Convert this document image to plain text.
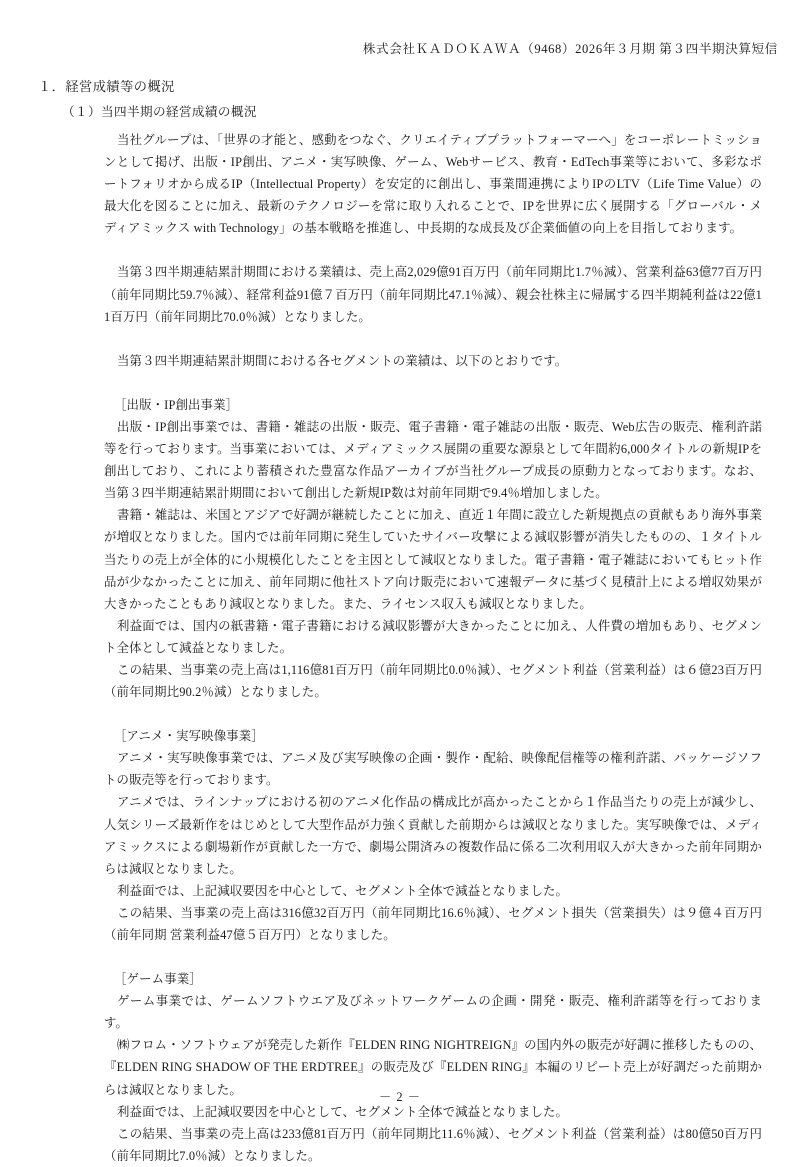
株式会社ＫＡＤＯＫＡＷＡ（9468）2026年３月期 第３四半期決算短信
１．経営成績等の概況
（１）当四半期の経営成績の概況

当社グループは、「世界の才能と、感動をつなぐ、クリエイティブプラットフォーマーへ」をコーポレートミッションとして掲げ、出版・IP創出、アニメ・実写映像、ゲーム、Webサービス、教育・EdTech事業等において、多彩なポートフォリオから成るIP（Intellectual Property）を安定的に創出し、事業間連携によりIPのLTV（Life Time Value）の最大化を図ることに加え、最新のテクノロジーを常に取り入れることで、IPを世界に広く展開する「グローバル・メディアミックス with Technology」の基本戦略を推進し、中長期的な成長及び企業価値の向上を目指しております。

当第３四半期連結累計期間における業績は、売上高2,029億91百万円（前年同期比1.7％減）、営業利益63億77百万円（前年同期比59.7％減）、経常利益91億７百万円（前年同期比47.1％減）、親会社株主に帰属する四半期純利益は22億11百万円（前年同期比70.0％減）となりました。

当第３四半期連結累計期間における各セグメントの業績は、以下のとおりです。

［出版・IP創出事業］

出版・IP創出事業では、書籍・雑誌の出版・販売、電子書籍・電子雑誌の出版・販売、Web広告の販売、権利許諾等を行っております。当事業においては、メディアミックス展開の重要な源泉として年間約6,000タイトルの新規IPを創出しており、これにより蓄積された豊富な作品アーカイブが当社グループ成長の原動力となっております。なお、当第３四半期連結累計期間において創出した新規IP数は対前年同期で9.4％増加しました。

書籍・雑誌は、米国とアジアで好調が継続したことに加え、直近１年間に設立した新規拠点の貢献もあり海外事業が増収となりました。国内では前年同期に発生していたサイバー攻撃による減収影響が消失したものの、１タイトル当たりの売上が全体的に小規模化したことを主因として減収となりました。電子書籍・電子雑誌においてもヒット作品が少なかったことに加え、前年同期に他社ストア向け販売において速報データに基づく見積計上による増収効果が大きかったこともあり減収となりました。また、ライセンス収入も減収となりました。

利益面では、国内の紙書籍・電子書籍における減収影響が大きかったことに加え、人件費の増加もあり、セグメント全体として減益となりました。

この結果、当事業の売上高は1,116億81百万円（前年同期比0.0％減）、セグメント利益（営業利益）は６億23百万円（前年同期比90.2％減）となりました。

［アニメ・実写映像事業］

アニメ・実写映像事業では、アニメ及び実写映像の企画・製作・配給、映像配信権等の権利許諾、パッケージソフトの販売等を行っております。

アニメでは、ラインナップにおける初のアニメ化作品の構成比が高かったことから１作品当たりの売上が減少し、人気シリーズ最新作をはじめとして大型作品が力強く貢献した前期からは減収となりました。実写映像では、メディアミックスによる劇場新作が貢献した一方で、劇場公開済みの複数作品に係る二次利用収入が大きかった前年同期からは減収となりました。

利益面では、上記減収要因を中心として、セグメント全体で減益となりました。

この結果、当事業の売上高は316億32百万円（前年同期比16.6％減）、セグメント損失（営業損失）は９億４百万円（前年同期 営業利益47億５百万円）となりました。

［ゲーム事業］

ゲーム事業では、ゲームソフトウエア及びネットワークゲームの企画・開発・販売、権利許諾等を行っております。

㈱フロム・ソフトウェアが発売した新作『ELDEN RING NIGHTREIGN』の国内外の販売が好調に推移したものの、『ELDEN RING SHADOW OF THE ERDTREE』の販売及び『ELDEN RING』本編のリピート売上が好調だった前期からは減収となりました。

利益面では、上記減収要因を中心として、セグメント全体で減益となりました。

この結果、当事業の売上高は233億81百万円（前年同期比11.6％減）、セグメント利益（営業利益）は80億50百万円（前年同期比7.0％減）となりました。

－ 2 －
